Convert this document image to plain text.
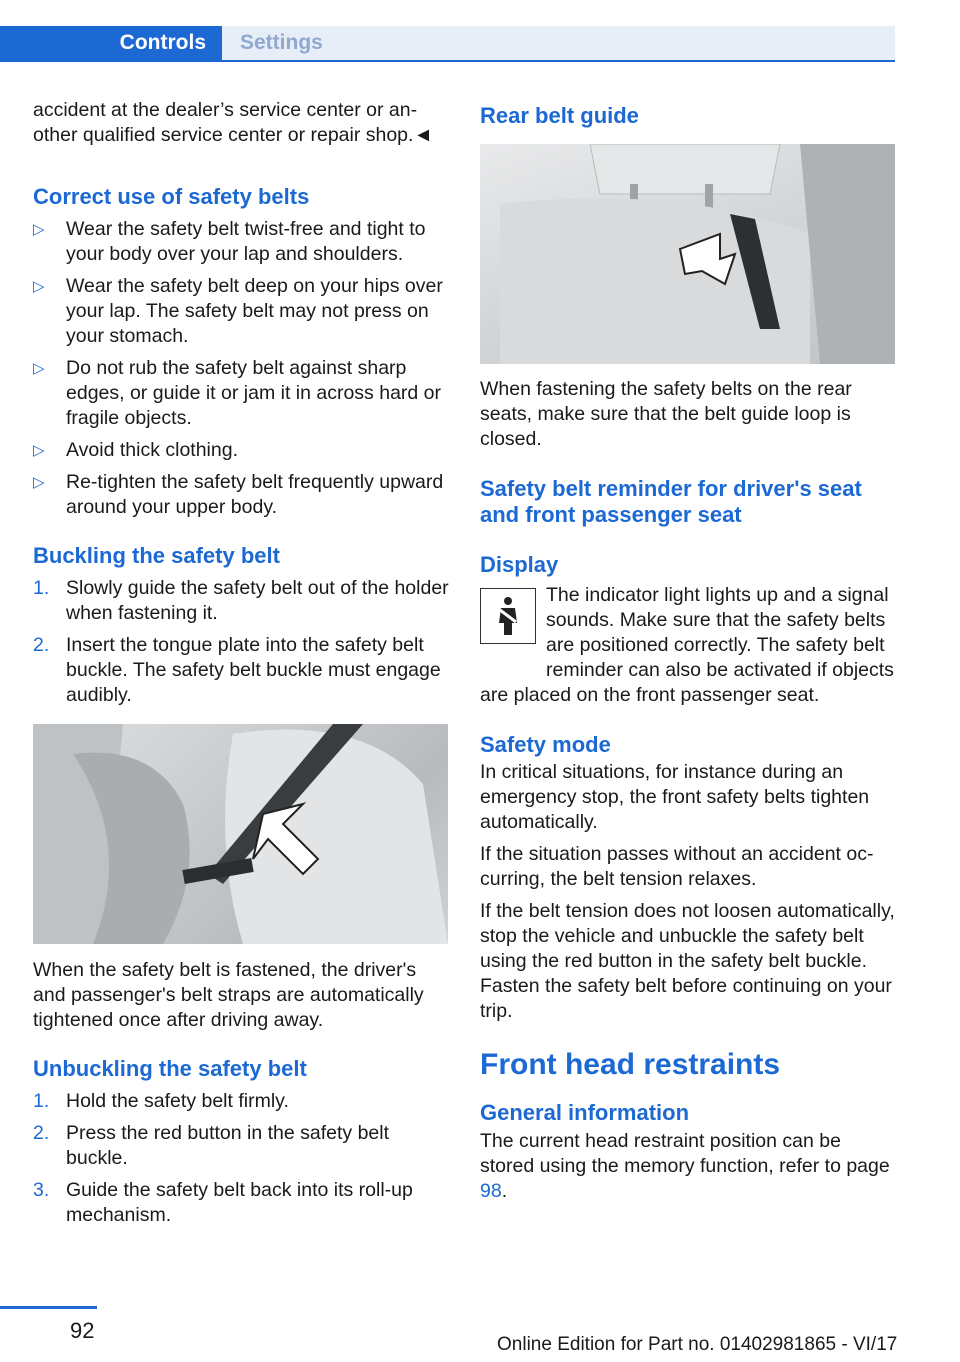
Controls	Settings

accident at the dealer’s service center or another qualified service center or repair shop.◄

Correct use of safety belts
▷ Wear the safety belt twist-free and tight to your body over your lap and shoulders.
▷ Wear the safety belt deep on your hips over your lap. The safety belt may not press on your stomach.
▷ Do not rub the safety belt against sharp edges, or guide it or jam it in across hard or fragile objects.
▷ Avoid thick clothing.
▷ Re-tighten the safety belt frequently upward around your upper body.
Buckling the safety belt
1. Slowly guide the safety belt out of the holder when fastening it.
2. Insert the tongue plate into the safety belt buckle. The safety belt buckle must engage audibly.

When the safety belt is fastened, the driver's and passenger's belt straps are automatically tightened once after driving away.

Unbuckling the safety belt
1. Hold the safety belt firmly.
2. Press the red button in the safety belt buckle.
3. Guide the safety belt back into its roll-up mechanism.
Rear belt guide

When fastening the safety belts on the rear seats, make sure that the belt guide loop is closed.

Safety belt reminder for driver's seat and front passenger seat
Display

The indicator light lights up and a signal sounds. Make sure that the safety belts are positioned correctly. The safety belt reminder can also be activated if objects are placed on the front passenger seat.

Safety mode

In critical situations, for instance during an emergency stop, the front safety belts tighten automatically.

If the situation passes without an accident occurring, the belt tension relaxes.

If the belt tension does not loosen automatically, stop the vehicle and unbuckle the safety belt using the red button in the safety belt buckle. Fasten the safety belt before continuing on your trip.

Front head restraints
General information

The current head restraint position can be stored using the memory function, refer to page 98.

92
Online Edition for Part no. 01402981865 - VI/17
